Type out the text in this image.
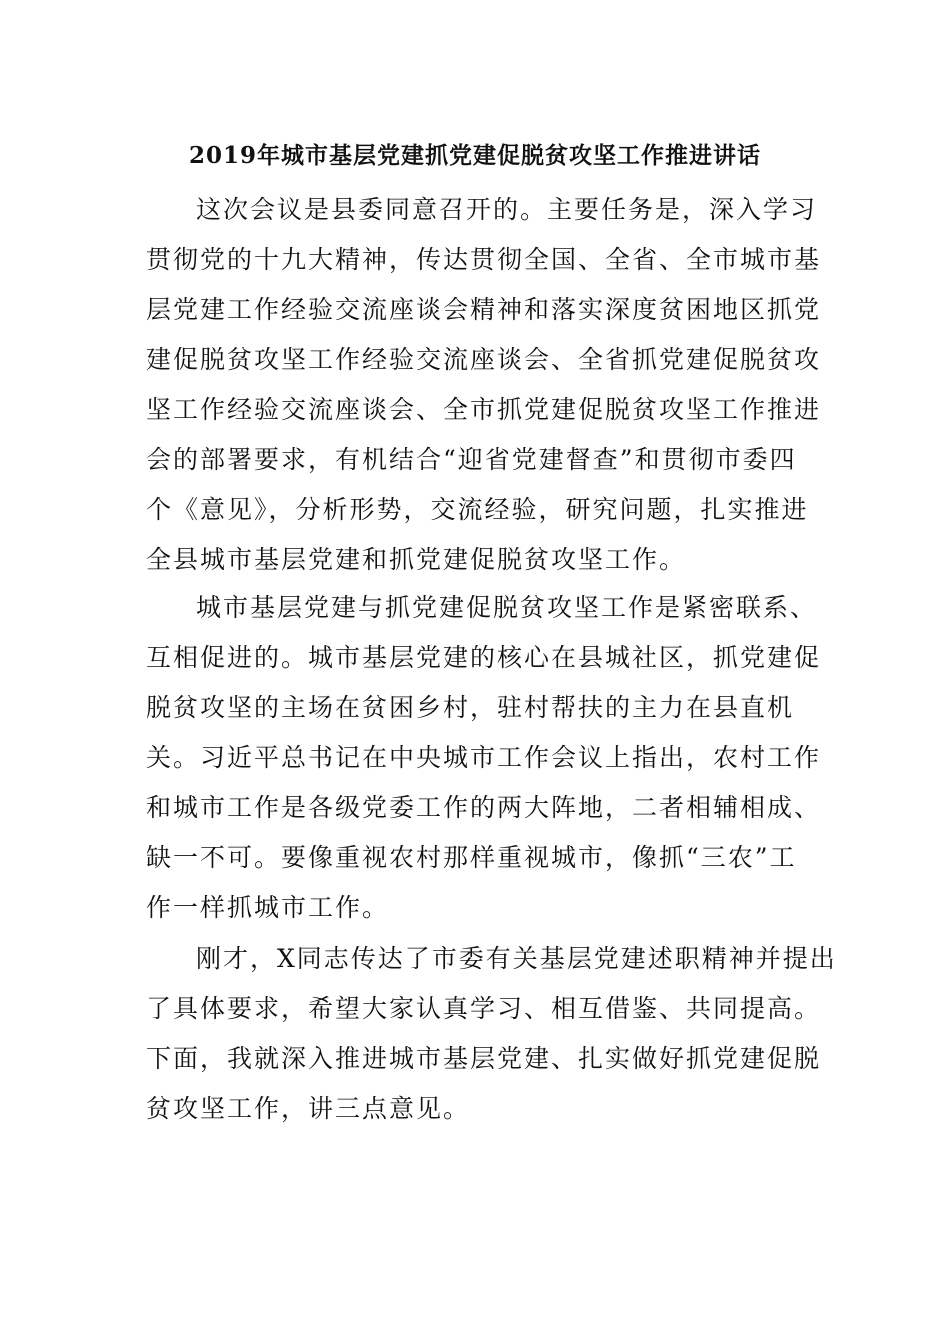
2019年城市基层党建抓党建促脱贫攻坚工作推进讲话
这次会议是县委同意召开的。主要任务是，深入学习
贯彻党的十九大精神，传达贯彻全国、全省、全市城市基
层党建工作经验交流座谈会精神和落实深度贫困地区抓党
建促脱贫攻坚工作经验交流座谈会、全省抓党建促脱贫攻
坚工作经验交流座谈会、全市抓党建促脱贫攻坚工作推进
会的部署要求，有机结合“迎省党建督查”和贯彻市委四
个《意见》，分析形势，交流经验，研究问题，扎实推进
全县城市基层党建和抓党建促脱贫攻坚工作。
城市基层党建与抓党建促脱贫攻坚工作是紧密联系、
互相促进的。城市基层党建的核心在县城社区，抓党建促
脱贫攻坚的主场在贫困乡村，驻村帮扶的主力在县直机
关。习近平总书记在中央城市工作会议上指出，农村工作
和城市工作是各级党委工作的两大阵地，二者相辅相成、
缺一不可。要像重视农村那样重视城市，像抓“三农”工
作一样抓城市工作。
刚才，X同志传达了市委有关基层党建述职精神并提出
了具体要求，希望大家认真学习、相互借鉴、共同提高。
下面，我就深入推进城市基层党建、扎实做好抓党建促脱
贫攻坚工作，讲三点意见。
